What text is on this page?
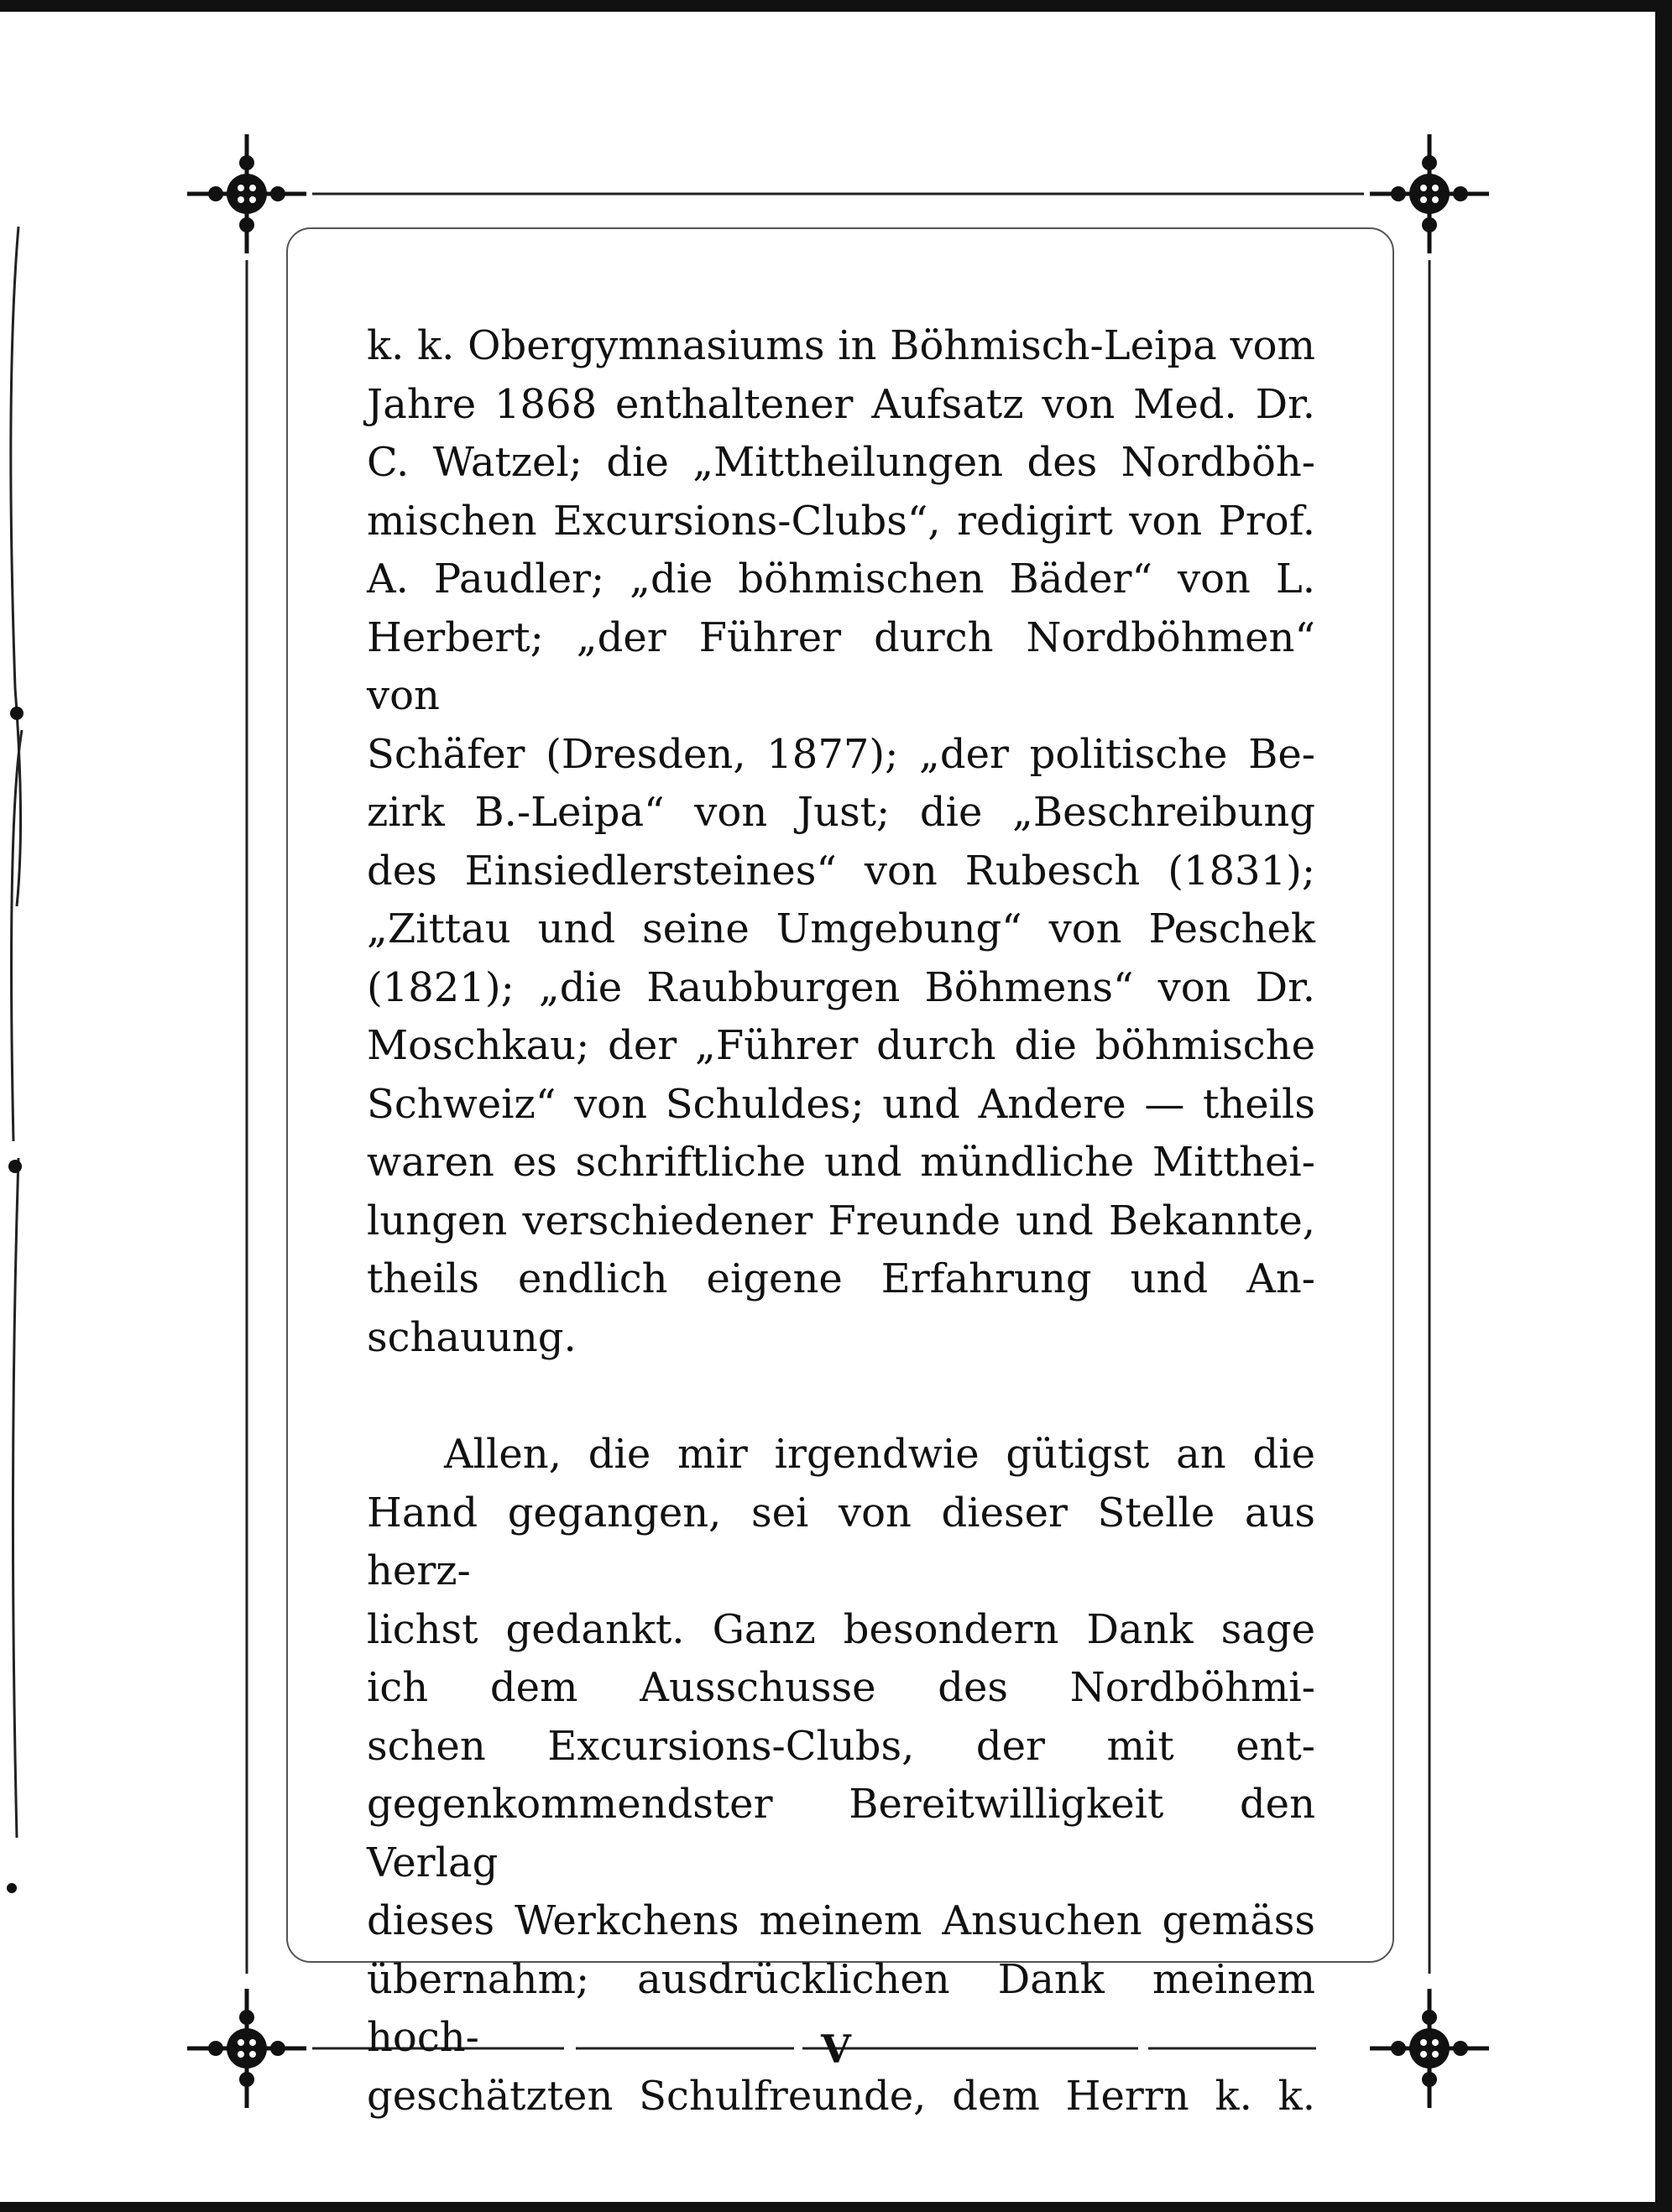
k. k. Obergymnasiums in Böhmisch-Leipa vom
Jahre 1868 enthaltener Aufsatz von Med. Dr.
C. Watzel; die „Mittheilungen des Nordböh-
mischen Excursions-Clubs“, redigirt von Prof.
A. Paudler; „die böhmischen Bäder“ von L.
Herbert; „der Führer durch Nordböhmen“ von
Schäfer (Dresden, 1877); „der politische Be-
zirk B.-Leipa“ von Just; die „Beschreibung
des Einsiedlersteines“ von Rubesch (1831);
„Zittau und seine Umgebung“ von Peschek
(1821); „die Raubburgen Böhmens“ von Dr.
Moschkau; der „Führer durch die böhmische
Schweiz“ von Schuldes; und Andere — theils
waren es schriftliche und mündliche Mitthei-
lungen verschiedener Freunde und Bekannte,
theils endlich eigene Erfahrung und An-
schauung.
Allen, die mir irgendwie gütigst an die
Hand gegangen, sei von dieser Stelle aus herz-
lichst gedankt. Ganz besondern Dank sage
ich dem Ausschusse des Nordböhmi-
schen Excursions-Clubs, der mit ent-
gegenkommendster Bereitwilligkeit den Verlag
dieses Werkchens meinem Ansuchen gemäss
übernahm; ausdrücklichen Dank meinem hoch-
geschätzten Schulfreunde, dem Herrn k. k.
V
